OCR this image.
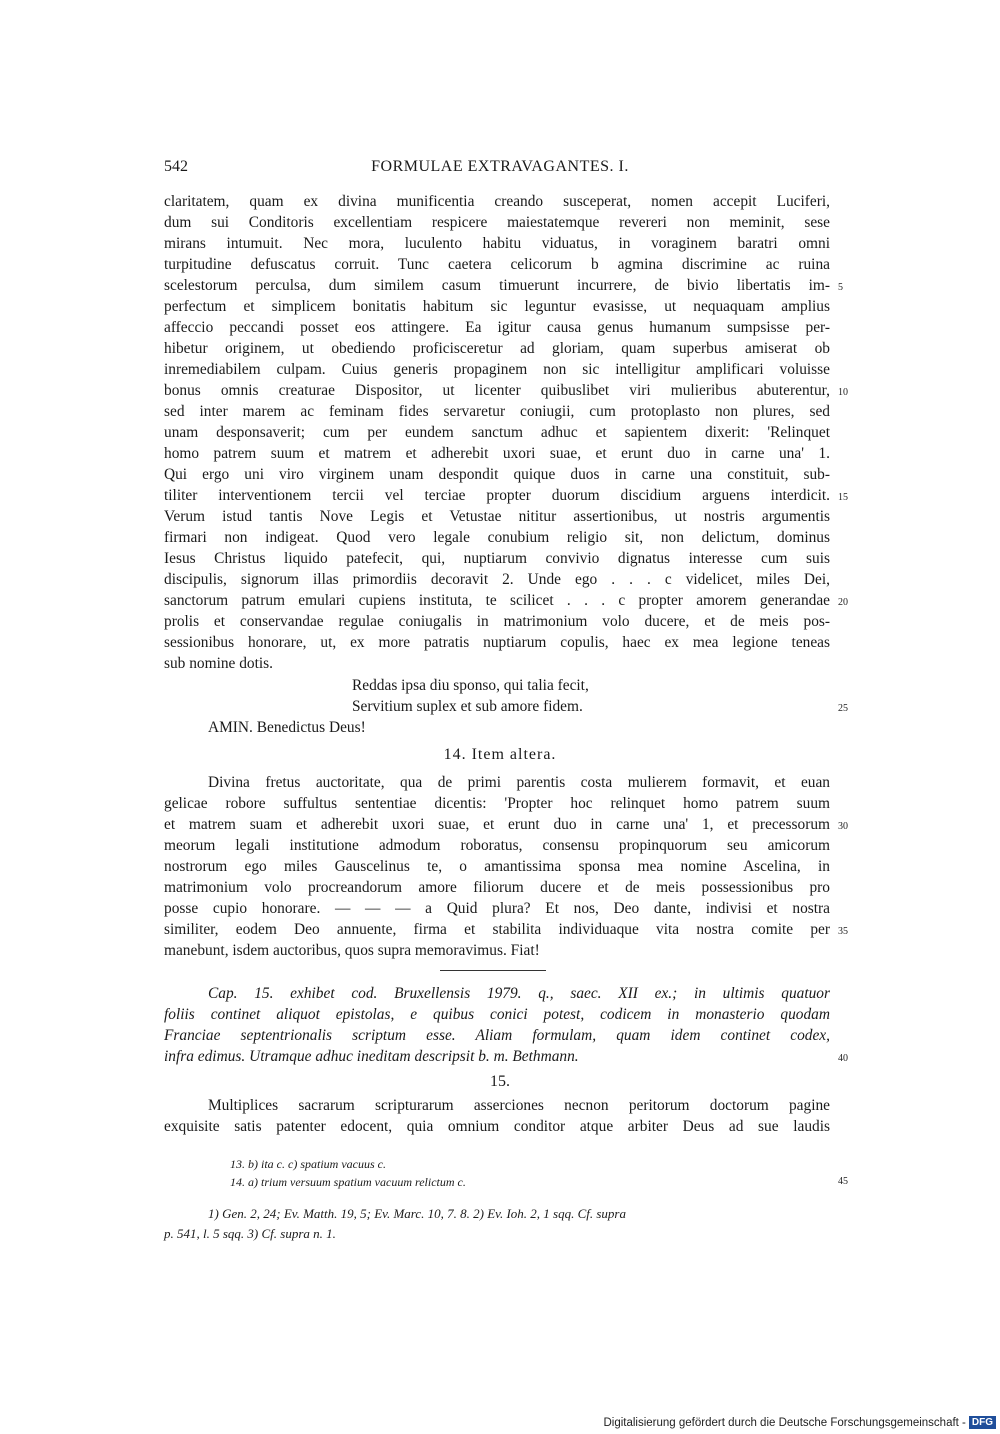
542	FORMULAE EXTRAVAGANTES. I.
claritatem, quam ex divina munificentia creando susceperat, nomen accepit Luciferi,
dum sui Conditoris excellentiam respicere maiestatemque revereri non meminit, sese
mirans intumuit. Nec mora, luculento habitu viduatus, in voraginem baratri omni
turpitudine defuscatus corruit. Tunc caetera celicorum b agmina discrimine ac ruina
scelestorum perculsa, dum similem casum timuerunt incurrere, de bivio libertatis im-
perfectum et simplicem bonitatis habitum sic leguntur evasisse, ut nequaquam amplius
affeccio peccandi posset eos attingere. Ea igitur causa genus humanum sumpsisse per-
hibetur originem, ut obediendo proficisceretur ad gloriam, quam superbus amiserat ob
inremediabilem culpam. Cuius generis propaginem non sic intelligitur amplificari voluisse
bonus omnis creaturae Dispositor, ut licenter quibuslibet viri mulieribus abuterentur,
sed inter marem ac feminam fides servaretur coniugii, cum protoplasto non plures, sed
unam desponsaverit; cum per eundem sanctum adhuc et sapientem dixerit: 'Relinquet
homo patrem suum et matrem et adherebit uxori suae, et erunt duo in carne una' 1.
Qui ergo uni viro virginem unam despondit quique duos in carne una constituit, sub-
tiliter interventionem tercii vel terciae propter duorum discidium arguens interdicit.
Verum istud tantis Nove Legis et Vetustae nititur assertionibus, ut nostris argumentis
firmari non indigeat. Quod vero legale conubium religio sit, non delictum, dominus
Iesus Christus liquido patefecit, qui, nuptiarum convivio dignatus interesse cum suis
discipulis, signorum illas primordiis decoravit 2. Unde ego . . . c videlicet, miles Dei,
sanctorum patrum emulari cupiens instituta, te scilicet . . . c propter amorem generandae
prolis et conservandae regulae coniugalis in matrimonium volo ducere, et de meis pos-
sessionibus honorare, ut, ex more patratis nuptiarum copulis, haec ex mea legione teneas
sub nomine dotis.
5
10
15
20
Reddas ipsa diu sponso, qui talia fecit,
Servitium suplex et sub amore fidem.	25
AMIN. Benedictus Deus!
14. Item altera.
Divina fretus auctoritate, qua de primi parentis costa mulierem formavit, et euan
gelicae robore suffultus sententiae dicentis: 'Propter hoc relinquet homo patrem suum
et matrem suam et adherebit uxori suae, et erunt duo in carne una' 1, et precessorum
meorum legali institutione admodum roboratus, consensu propinquorum seu amicorum
nostrorum ego miles Gauscelinus te, o amantissima sponsa mea nomine Ascelina, in
matrimonium volo procreandorum amore filiorum ducere et de meis possessionibus pro
posse cupio honorare. — — — a Quid plura? Et nos, Deo dante, indivisi et nostra
similiter, eodem Deo annuente, firma et stabilita individuaque vita nostra comite per
manebunt, isdem auctoribus, quos supra memoravimus. Fiat!
30
35
Cap. 15. exhibet cod. Bruxellensis 1979. q., saec. XII ex.; in ultimis quatuor
foliis continet aliquot epistolas, e quibus conici potest, codicem in monasterio quodam
Franciae septentrionalis scriptum esse. Aliam formulam, quam idem continet codex,
infra edimus. Utramque adhuc ineditam descripsit b. m. Bethmann.	40
15.
Multiplices sacrarum scripturarum asserciones necnon peritorum doctorum pagine
exquisite satis patenter edocent, quia omnium conditor atque arbiter Deus ad sue laudis
13. b) ita c. c) spatium vacuus c.
14. a) trium versuum spatium vacuum relictum c.	45
1) Gen. 2, 24; Ev. Matth. 19, 5; Ev. Marc. 10, 7. 8. 2) Ev. Ioh. 2, 1 sqq. Cf. supra
p. 541, l. 5 sqq. 3) Cf. supra n. 1.
Digitalisierung gefördert durch die Deutsche Forschungsgemeinschaft - DFG
